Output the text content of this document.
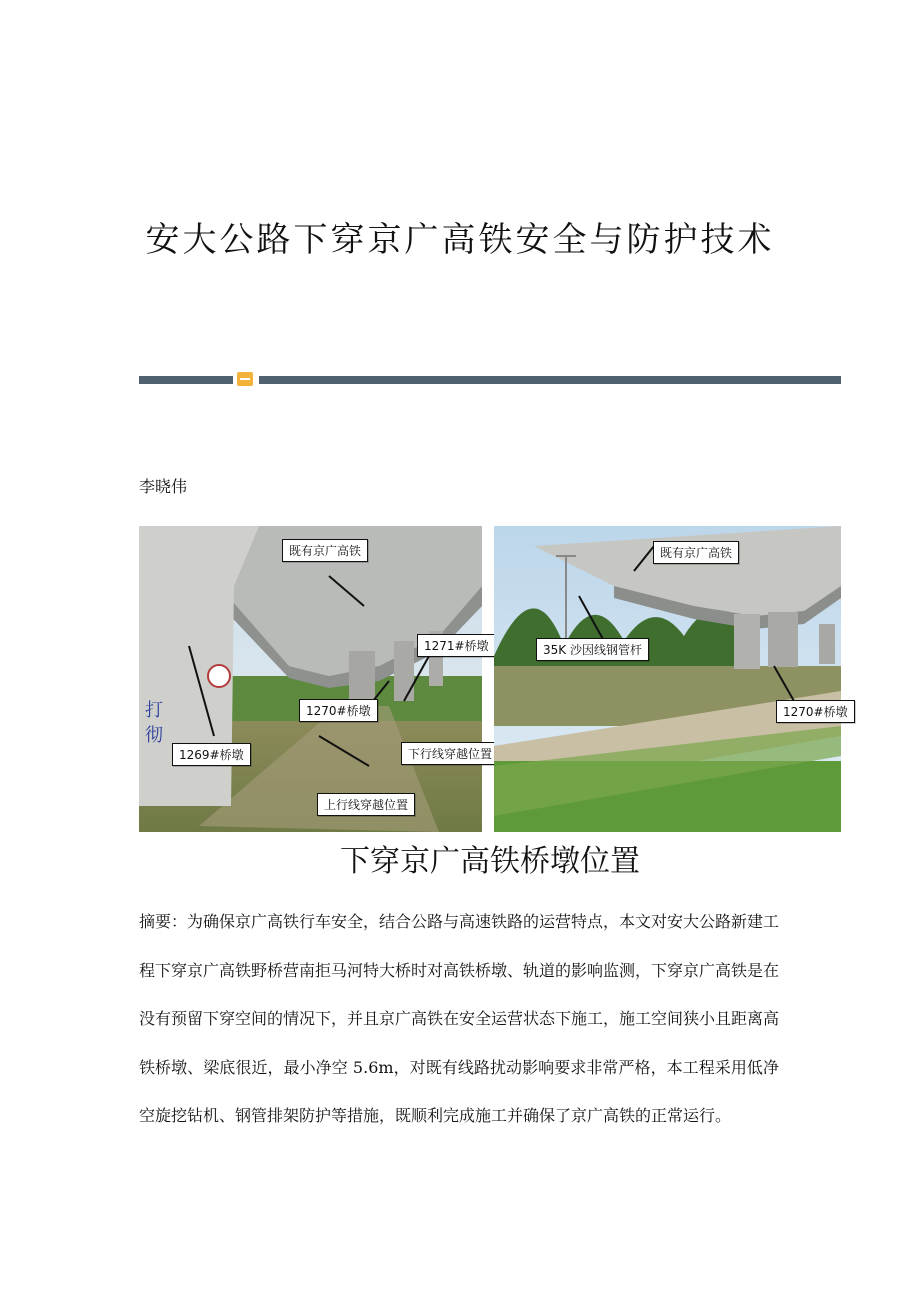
安大公路下穿京广高铁安全与防护技术
李晓伟
打
彻
既有京广高铁
1271#桥墩
1270#桥墩
1269#桥墩	下行线穿越位置
上行线穿越位置
既有京广高铁
35K 沙因线钢管杆
1270#桥墩
下穿京广高铁桥墩位置

摘要：为确保京广高铁行车安全，结合公路与高速铁路的运营特点，本文对安大公路新建工程下穿京广高铁野桥营南拒马河特大桥时对高铁桥墩、轨道的影响监测，下穿京广高铁是在没有预留下穿空间的情况下，并且京广高铁在安全运营状态下施工，施工空间狭小且距离高铁桥墩、梁底很近，最小净空 5.6m，对既有线路扰动影响要求非常严格，本工程采用低净空旋挖钻机、钢管排架防护等措施，既顺利完成施工并确保了京广高铁的正常运行。
